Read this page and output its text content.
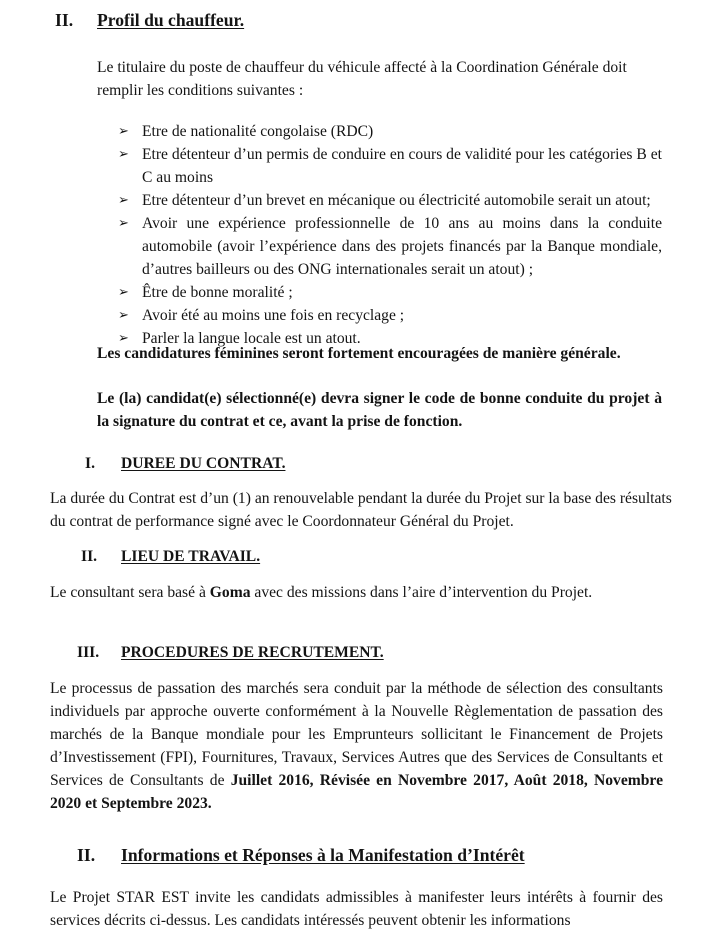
II. Profil du chauffeur.

Le titulaire du poste de chauffeur du véhicule affecté à la Coordination Générale doit remplir les conditions suivantes :

➢ Etre de nationalité congolaise (RDC)
➢ Etre détenteur d’un permis de conduire en cours de validité pour les catégories B et C au moins
➢ Etre détenteur d’un brevet en mécanique ou électricité automobile serait un atout;
➢ Avoir une expérience professionnelle de 10 ans au moins dans la conduite automobile (avoir l’expérience dans des projets financés par la Banque mondiale, d’autres bailleurs ou des ONG internationales serait un atout) ;
➢ Être de bonne moralité ;
➢ Avoir été au moins une fois en recyclage ;
➢ Parler la langue locale est un atout.

Les candidatures féminines seront fortement encouragées de manière générale.

Le (la) candidat(e) sélectionné(e) devra signer le code de bonne conduite du projet à la signature du contrat et ce, avant la prise de fonction.

I. DUREE DU CONTRAT.

La durée du Contrat est d’un (1) an renouvelable pendant la durée du Projet sur la base des résultats du contrat de performance signé avec le Coordonnateur Général du Projet.

II. LIEU DE TRAVAIL.

Le consultant sera basé à Goma avec des missions dans l’aire d’intervention du Projet.

III. PROCEDURES DE RECRUTEMENT.

Le processus de passation des marchés sera conduit par la méthode de sélection des consultants individuels par approche ouverte conformément à la Nouvelle Règlementation de passation des marchés de la Banque mondiale pour les Emprunteurs sollicitant le Financement de Projets d’Investissement (FPI), Fournitures, Travaux, Services Autres que des Services de Consultants et Services de Consultants de Juillet 2016, Révisée en Novembre 2017, Août 2018, Novembre 2020 et Septembre 2023.

II. Informations et Réponses à la Manifestation d’Intérêt

Le Projet STAR EST invite les candidats admissibles à manifester leurs intérêts à fournir des services décrits ci-dessus. Les candidats intéressés peuvent obtenir les informations
